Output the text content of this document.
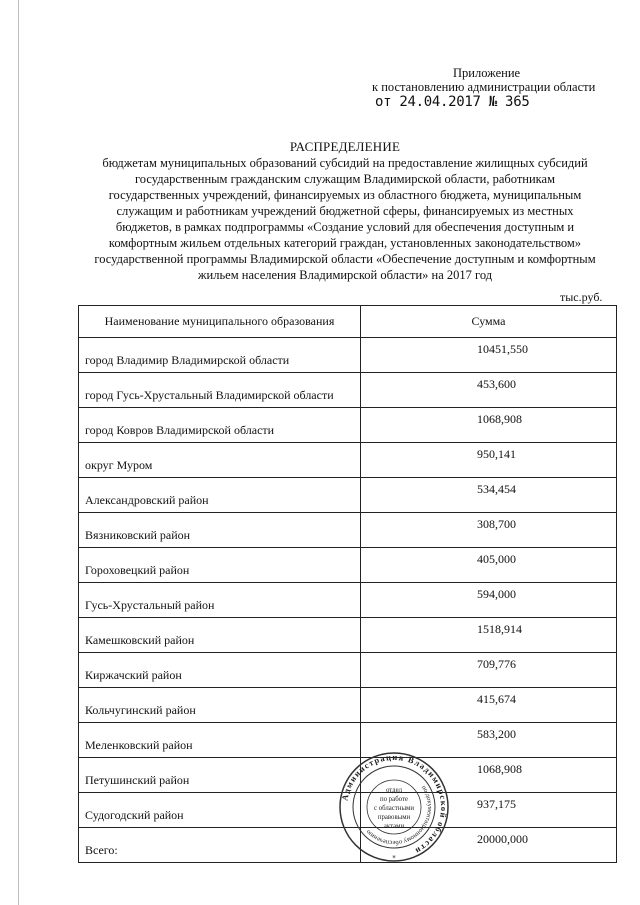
Приложение
к постановлению администрации области
от 24.04.2017 № 365
РАСПРЕДЕЛЕНИЕ
бюджетам муниципальных образований субсидий на предоставление жилищных субсидий
государственным гражданским служащим Владимирской области, работникам
государственных учреждений, финансируемых из областного бюджета, муниципальным
служащим и работникам учреждений бюджетной сферы, финансируемых из местных
бюджетов, в рамках подпрограммы «Создание условий для обеспечения доступным и
комфортным жильем отдельных категорий граждан, установленных законодательством»
государственной программы Владимирской области «Обеспечение доступным и комфортным
жильем населения Владимирской области» на 2017 год
тыс.руб.
Наименование муниципального образования	Сумма
город Владимир Владимирской области	10451,550
город Гусь-Хрустальный Владимирской области	453,600
город Ковров Владимирской области	1068,908
округ Муром	950,141
Александровский район	534,454
Вязниковский район	308,700
Гороховецкий район	405,000
Гусь-Хрустальный район	594,000
Камешковский район	1518,914
Киржачский район	709,776
Кольчугинский район	415,674
Меленковский район	583,200
Петушинский район	1068,908
Судогодский район	937,175
Всего:	20000,000
Администрация Владимирской области
по документационному обеспечению
отдел
по работе
с областными
правовыми
актами
*
